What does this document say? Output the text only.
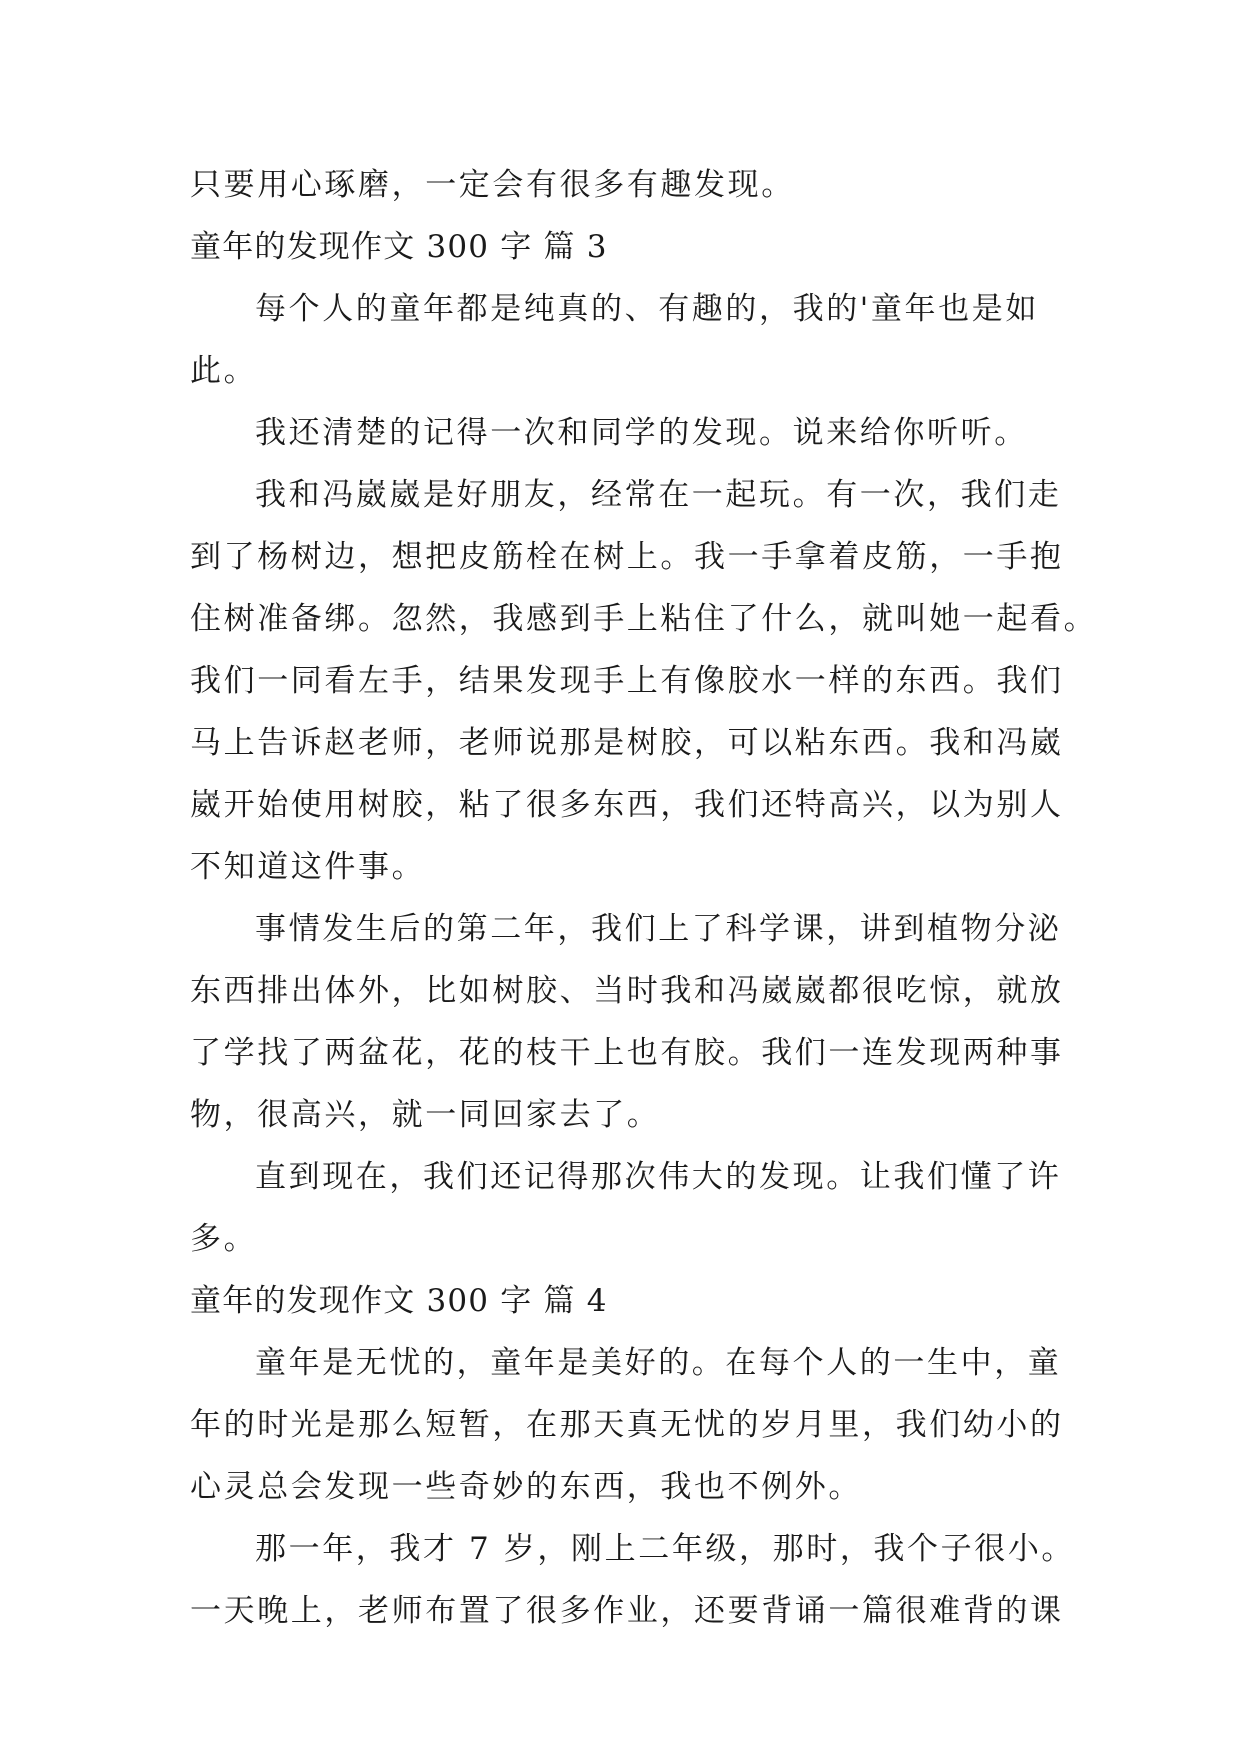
只要用心琢磨，一定会有很多有趣发现。
童年的发现作文 300 字 篇 3
每个人的童年都是纯真的、有趣的，我的'童年也是如
此。
我还清楚的记得一次和同学的发现。说来给你听听。
我和冯崴崴是好朋友，经常在一起玩。有一次，我们走
到了杨树边，想把皮筋栓在树上。我一手拿着皮筋，一手抱
住树准备绑。忽然，我感到手上粘住了什么，就叫她一起看。
我们一同看左手，结果发现手上有像胶水一样的东西。我们
马上告诉赵老师，老师说那是树胶，可以粘东西。我和冯崴
崴开始使用树胶，粘了很多东西，我们还特高兴，以为别人
不知道这件事。
事情发生后的第二年，我们上了科学课，讲到植物分泌
东西排出体外，比如树胶、当时我和冯崴崴都很吃惊，就放
了学找了两盆花，花的枝干上也有胶。我们一连发现两种事
物，很高兴，就一同回家去了。
直到现在，我们还记得那次伟大的发现。让我们懂了许
多。
童年的发现作文 300 字 篇 4
童年是无忧的，童年是美好的。在每个人的一生中，童
年的时光是那么短暂，在那天真无忧的岁月里，我们幼小的
心灵总会发现一些奇妙的东西，我也不例外。
那一年，我才 7 岁，刚上二年级，那时，我个子很小。
一天晚上，老师布置了很多作业，还要背诵一篇很难背的课
